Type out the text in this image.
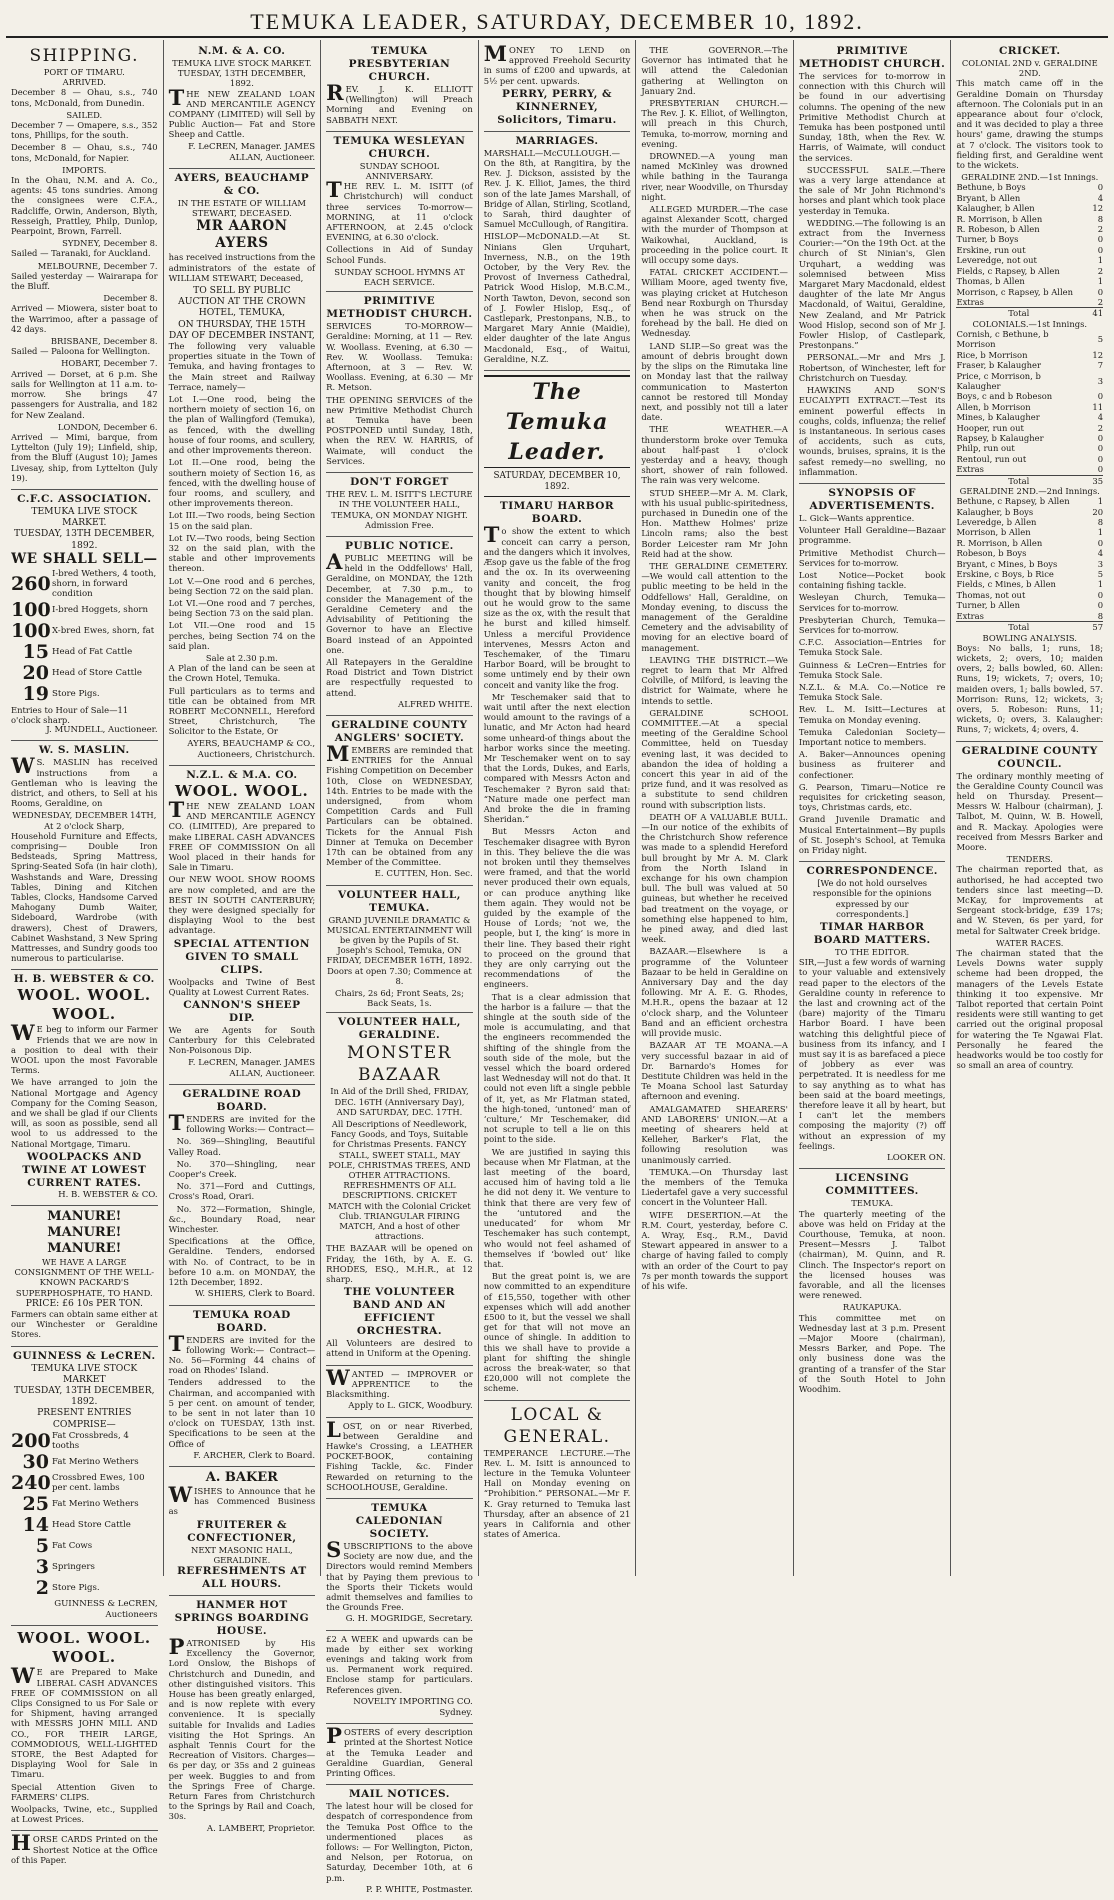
TEMUKA LEADER, SATURDAY, DECEMBER 10, 1892.
SHIPPING.
PORT OF TIMARU.
ARRIVED.

December 8 — Ohau, s.s., 740 tons, McDonald, from Dunedin.

SAILED.

December 7 — Omapere, s.s., 352 tons, Phillips, for the south.

December 8 — Ohau, s.s., 740 tons, McDonald, for Napier.

IMPORTS.

In the Ohau, N.M. and A. Co., agents: 45 tons sundries. Among the consignees were C.F.A., Radcliffe, Orwin, Anderson, Blyth, Resseigh, Prattley, Philp, Dunlop, Pearpoint, Brown, Farrell.

SYDNEY, December 8.

Sailed — Taranaki, for Auckland.

MELBOURNE, December 7.

Sailed yesterday — Wairarapa for the Bluff.

December 8.

Arrived — Miowera, sister boat to the Warrimoo, after a passage of 42 days.

BRISBANE, December 8.

Sailed — Paloona for Wellington.

HOBART, December 7.

Arrived — Dorset, at 6 p.m. She sails for Wellington at 11 a.m. to-morrow. She brings 47 passengers for Australia, and 182 for New Zealand.

LONDON, December 6.

Arrived — Mimi, barque, from Lyttelton (July 19); Linfield, ship, from the Bluff (August 10); James Livesay, ship, from Lyttelton (July 19).

C.F.C. ASSOCIATION.
TEMUKA LIVE STOCK MARKET.
TUESDAY, 13TH DECEMBER, 1892.
WE SHALL SELL—
260 I-bred Wethers, 4 tooth, shorn, in forward condition
100 I-bred Hoggets, shorn
100 X-bred Ewes, shorn, fat
15 Head of Fat Cattle
20 Head of Store Cattle
19 Store Pigs.
Entries to Hour of Sale—11 o'clock sharp.
J. MUNDELL, Auctioneer.
W. S. MASLIN.

WS. MASLIN has received instructions from a Gentleman who is leaving the district, and others, to Sell at his Rooms, Geraldine, on

WEDNESDAY, DECEMBER 14TH, At 2 o'clock Sharp,

Household Furniture and Effects, comprising— Double Iron Bedsteads, Spring Mattress, Spring-Seated Sofa (in hair cloth), Washstands and Ware, Dressing Tables, Dining and Kitchen Tables, Clocks, Handsome Carved Mahogany Dumb Waiter, Sideboard, Wardrobe (with drawers), Chest of Drawers, Cabinet Washstand, 3 New Spring Mattresses, and Sundry goods too numerous to particularise.

H. B. WEBSTER & CO.
WOOL. WOOL. WOOL.

WE beg to inform our Farmer Friends that we are now in a position to deal with their WOOL upon the most Favorable Terms.

We have arranged to join the National Mortgage and Agency Company for the Coming Season, and we shall be glad if our Clients will, as soon as possible, send all wool to us addressed to the National Mortgage, Timaru.

WOOLPACKS AND TWINE AT LOWEST CURRENT RATES.
H. B. WEBSTER & CO.
MANURE! MANURE! MANURE!
WE HAVE A LARGE CONSIGNMENT OF THE WELL-KNOWN PACKARD'S SUPERPHOSPHATE, TO HAND.
PRICE: £6 10s PER TON.

Farmers can obtain same either at our Winchester or Geraldine Stores.

GUINNESS & LeCREN.
TEMUKA LIVE STOCK MARKET
TUESDAY, 13TH DECEMBER, 1892.
PRESENT ENTRIES COMPRISE—
200 Fat Crossbreds, 4 tooths
30 Fat Merino Wethers
240 Crossbred Ewes, 100 per cent. lambs
25 Fat Merino Wethers
14 Head Store Cattle
5 Fat Cows
3 Springers
2 Store Pigs.
GUINNESS & LeCREN, Auctioneers
WOOL. WOOL. WOOL.

WE are Prepared to Make LIBERAL CASH ADVANCES FREE OF COMMISSION on all Clips Consigned to us For Sale or for Shipment, having arranged with MESSRS JOHN MILL AND CO., FOR THEIR LARGE, COMMODIOUS, WELL-LIGHTED STORE, the Best Adapted for Displaying Wool for Sale in Timaru.

Special Attention Given to FARMERS' CLIPS.

Woolpacks, Twine, etc., Supplied at Lowest Prices.

HORSE CARDS Printed on the Shortest Notice at the Office of this Paper.

N.M. & A. CO.
TEMUKA LIVE STOCK MARKET. TUESDAY, 13TH DECEMBER, 1892.

THE NEW ZEALAND LOAN AND MERCANTILE AGENCY COMPANY (LIMITED) will Sell by Public Auction— Fat and Store Sheep and Cattle.

F. LeCREN, Manager. JAMES ALLAN, Auctioneer.
AYERS, BEAUCHAMP & CO.
IN THE ESTATE OF WILLIAM STEWART, DECEASED.
MR AARON AYERS

has received instructions from the administrators of the estate of WILLIAM STEWART, Deceased,

TO SELL BY PUBLIC AUCTION AT THE CROWN HOTEL, TEMUKA,
ON THURSDAY, THE 15TH DAY OF DECEMBER INSTANT,

The following very valuable properties situate in the Town of Temuka, and having frontages to the Main street and Railway Terrace, namely—

Lot I.—One rood, being the northern moiety of section 16, on the plan of Wallingford (Temuka), as fenced, with the dwelling house of four rooms, and scullery, and other improvements thereon.

Lot II.—One rood, being the southern moiety of Section 16, as fenced, with the dwelling house of four rooms, and scullery, and other improvements thereon.

Lot III.—Two roods, being Section 15 on the said plan.

Lot IV.—Two roods, being Section 32 on the said plan, with the stable and other improvements thereon.

Lot V.—One rood and 6 perches, being Section 72 on the said plan.

Lot VI.—One rood and 7 perches, being Section 73 on the said plan.

Lot VII.—One rood and 15 perches, being Section 74 on the said plan.

Sale at 2.30 p.m.

A Plan of the land can be seen at the Crown Hotel, Temuka.

Full particulars as to terms and title can be obtained from MR ROBERT McCONNELL, Hereford Street, Christchurch, The Solicitor to the Estate, Or

AYERS, BEAUCHAMP & CO., Auctioneers, Christchurch.
N.Z.L. & M.A. CO.
WOOL. WOOL.

THE NEW ZEALAND LOAN AND MERCANTILE AGENCY CO. (LIMITED), Are prepared to make LIBERAL CASH ADVANCES FREE OF COMMISSION On all Wool placed in their hands for Sale in Timaru.

Our NEW WOOL SHOW ROOMS are now completed, and are the BEST IN SOUTH CANTERBURY; they were designed specially for displaying Wool to the best advantage.

SPECIAL ATTENTION GIVEN TO SMALL CLIPS.

Woolpacks and Twine of Best Quality at Lowest Current Rates.

CANNON'S SHEEP DIP.

We are Agents for South Canterbury for this Celebrated Non-Poisonous Dip.

F. LeCREN, Manager. JAMES ALLAN, Auctioneer.
GERALDINE ROAD BOARD.

TENDERS are invited for the following Works:— Contract—

No. 369—Shingling, Beautiful Valley Road.

No. 370—Shingling, near Cooper's Creek.

No. 371—Ford and Cuttings, Cross's Road, Orari.

No. 372—Formation, Shingle, &c., Boundary Road, near Winchester.

Specifications at the Office, Geraldine. Tenders, endorsed with No. of Contract, to be in before 10 a.m. on MONDAY, the 12th December, 1892.

W. SHIERS, Clerk to Board.
TEMUKA ROAD BOARD.

TENDERS are invited for the following Work:— Contract— No. 56—Forming 44 chains of road on Rhodes' Island.

Tenders addressed to the Chairman, and accompanied with 5 per cent. on amount of tender, to be sent in not later than 10 o'clock on TUESDAY, 13th inst. Specifications to be seen at the Office of

F. ARCHER, Clerk to Board.
A. BAKER

WISHES to Announce that he has Commenced Business as

FRUITERER & CONFECTIONER,
NEXT MASONIC HALL, GERALDINE.
REFRESHMENTS AT ALL HOURS.
HANMER HOT SPRINGS BOARDING HOUSE.

PATRONISED by His Excellency the Governor, Lord Onslow, the Bishops of Christchurch and Dunedin, and other distinguished visitors. This House has been greatly enlarged, and is now replete with every convenience. It is specially suitable for Invalids and Ladies visiting the Hot Springs. An asphalt Tennis Court for the Recreation of Visitors. Charges—6s per day, or 35s and 2 guineas per week. Buggies to and from the Springs Free of Charge. Return Fares from Christchurch to the Springs by Rail and Coach, 30s.

A. LAMBERT, Proprietor.
TEMUKA PRESBYTERIAN CHURCH.

REV. J. K. ELLIOTT (Wellington) will Preach Morning and Evening on SABBATH NEXT.

TEMUKA WESLEYAN CHURCH.
SUNDAY SCHOOL ANNIVERSARY.

THE REV. L. M. ISITT (of Christchurch) will conduct three services To-morrow— MORNING, at 11 o'clock AFTERNOON, at 2.45 o'clock EVENING, at 6.30 o'clock.

Collections in Aid of Sunday School Funds.

SUNDAY SCHOOL HYMNS AT EACH SERVICE.
PRIMITIVE METHODIST CHURCH.

SERVICES TO-MORROW— Geraldine: Morning, at 11 — Rev. W. Woollass. Evening, at 6.30 — Rev. W. Woollass. Temuka: Afternoon, at 3 — Rev. W. Woollass. Evening, at 6.30 — Mr R. Metson.

THE OPENING SERVICES of the new Primitive Methodist Church at Temuka have been POSTPONED until Sunday, 18th, when the REV. W. HARRIS, of Waimate, will conduct the Services.

DON'T FORGET

THE REV. L. M. ISITT'S LECTURE IN THE VOLUNTEER HALL, TEMUKA, ON MONDAY NIGHT. Admission Free.

PUBLIC NOTICE.

APUBLIC MEETING will be held in the Oddfellows' Hall, Geraldine, on MONDAY, the 12th December, at 7.30 p.m., to consider the Management of the Geraldine Cemetery and the Advisability of Petitioning the Governor to have an Elective Board instead of an Appointed one.

All Ratepayers in the Geraldine Road District and Town District are respectfully requested to attend.

ALFRED WHITE.
GERALDINE COUNTY ANGLERS' SOCIETY.

MEMBERS are reminded that ENTRIES for the Annual Fishing Competition on December 10th, Close on WEDNESDAY, 14th. Entries to be made with the undersigned, from whom Competition Cards and Full Particulars can be obtained. Tickets for the Annual Fish Dinner at Temuka on December 17th can be obtained from any Member of the Committee.

E. CUTTEN, Hon. Sec.
VOLUNTEER HALL, TEMUKA.

GRAND JUVENILE DRAMATIC & MUSICAL ENTERTAINMENT Will be given by the Pupils of St. Joseph's School, Temuka, ON FRIDAY, DECEMBER 16TH, 1892. Doors at open 7.30; Commence at 8.

Chairs, 2s 6d; Front Seats, 2s; Back Seats, 1s.
VOLUNTEER HALL, GERALDINE.
MONSTER BAZAAR

In Aid of the Drill Shed, FRIDAY, DEC. 16TH (Anniversary Day), AND SATURDAY, DEC. 17TH.

All Descriptions of Needlework, Fancy Goods, and Toys, Suitable for Christmas Presents. FANCY STALL, SWEET STALL, MAY POLE, CHRISTMAS TREES, AND OTHER ATTRACTIONS. REFRESHMENTS OF ALL DESCRIPTIONS. CRICKET MATCH with the Colonial Cricket Club. TRIANGULAR FIRING MATCH, And a host of other attractions.

THE BAZAAR will be opened on Friday, the 16th, by A. E. G. RHODES, ESQ., M.H.R., at 12 sharp.

THE VOLUNTEER BAND AND AN EFFICIENT ORCHESTRA.

All Volunteers are desired to attend in Uniform at the Opening.

WANTED — IMPROVER or APPRENTICE to the Blacksmithing.

Apply to L. GICK, Woodbury.

LOST, on or near Riverbed, between Geraldine and Hawke's Crossing, a LEATHER POCKET-BOOK, containing Fishing Tackle, &c. Finder Rewarded on returning to the SCHOOLHOUSE, Geraldine.

TEMUKA CALEDONIAN SOCIETY.

SUBSCRIPTIONS to the above Society are now due, and the Directors would remind Members that by Paying them previous to the Sports their Tickets would admit themselves and families to the Grounds Free.

G. H. MOGRIDGE, Secretary.

£2 A WEEK and upwards can be made by either sex working evenings and taking work from us. Permanent work required. Enclose stamp for particulars. References given.

NOVELTY IMPORTING CO. Sydney.

POSTERS of every description printed at the Shortest Notice at the Temuka Leader and Geraldine Guardian, General Printing Offices.

MAIL NOTICES.

The latest hour will be closed for despatch of correspondence from the Temuka Post Office to the undermentioned places as follows: — For Wellington, Picton, and Nelson, per Rotorua, on Saturday, December 10th, at 6 p.m.

P. P. WHITE, Postmaster.

MONEY TO LEND on approved Freehold Security in sums of £200 and upwards, at 5½ per cent. upwards.

PERRY, PERRY, & KINNERNEY, Solicitors, Timaru.
MARRIAGES.

MARSHALL—McCULLOUGH.—On the 8th, at Rangitira, by the Rev. J. Dickson, assisted by the Rev. J. K. Elliot, James, the third son of the late James Marshall, of Bridge of Allan, Stirling, Scotland, to Sarah, third daughter of Samuel McCullough, of Rangitira.

HISLOP—McDONALD.—At St. Ninians Glen Urquhart, Inverness, N.B., on the 19th October, by the Very Rev. the Provost of Inverness Cathedral, Patrick Wood Hislop, M.B.C.M., North Tawton, Devon, second son of J. Fowler Hislop, Esq., of Castlepark, Prestonpans, N.B., to Margaret Mary Annie (Maidie), elder daughter of the late Angus Macdonald, Esq., of Waitui, Geraldine, N.Z.

The Temuka Leader.
SATURDAY, DECEMBER 10, 1892.
TIMARU HARBOR BOARD.

To show the extent to which conceit can carry a person, and the dangers which it involves, Æsop gave us the fable of the frog and the ox. In its overweening vanity and conceit, the frog thought that by blowing himself out he would grow to the same size as the ox, with the result that he burst and killed himself. Unless a merciful Providence intervenes, Messrs Acton and Teschemaker, of the Timaru Harbor Board, will be brought to some untimely end by their own conceit and vanity like the frog.

Mr Teschemaker said that to wait until after the next election would amount to the ravings of a lunatic, and Mr Acton had heard some unheard-of things about the harbor works since the meeting. Mr Teschemaker went on to say that the Lords, Dukes, and Earls, compared with Messrs Acton and Teschemaker ? Byron said that: “Nature made one perfect man And broke the die in framing Sheridan.”

But Messrs Acton and Teschemaker disagree with Byron in this. They believe the die was not broken until they themselves were framed, and that the world never produced their own equals, or can produce anything like them again. They would not be guided by the example of the House of Lords; ‘not we, the people, but I, the king’ is more in their line. They based their right to proceed on the ground that they are only carrying out the recommendations of the engineers.

That is a clear admission that the harbor is a failure — that the shingle at the south side of the mole is accumulating, and that the engineers recommended the shifting of the shingle from the south side of the mole, but the vessel which the board ordered last Wednesday will not do that. It could not even lift a single pebble of it, yet, as Mr Flatman stated, the high-toned, ‘untoned’ man of ‘culture,’ Mr Teschemaker, did not scruple to tell a lie on this point to the side.

We are justified in saying this because when Mr Flatman, at the last meeting of the board, accused him of having told a lie he did not deny it. We venture to think that there are very few of the ‘untutored and the uneducated’ for whom Mr Teschemaker has such contempt, who would not feel ashamed of themselves if ‘bowled out’ like that.

But the great point is, we are now committed to an expenditure of £15,550, together with other expenses which will add another £500 to it, but the vessel we shall get for that will not move an ounce of shingle. In addition to this we shall have to provide a plant for shifting the shingle across the break-water, so that £20,000 will not complete the scheme.

LOCAL & GENERAL.

TEMPERANCE LECTURE.—The Rev. L. M. Isitt is announced to lecture in the Temuka Volunteer Hall on Monday evening on “Prohibition.” PERSONAL.—Mr F. K. Gray returned to Temuka last Thursday, after an absence of 21 years in California and other states of America.

THE GOVERNOR.—The Governor has intimated that he will attend the Caledonian gathering at Wellington on January 2nd.

PRESBYTERIAN CHURCH.—The Rev. J. K. Elliot, of Wellington, will preach in this Church, Temuka, to-morrow, morning and evening.

DROWNED.—A young man named McKinley was drowned while bathing in the Tauranga river, near Woodville, on Thursday night.

ALLEGED MURDER.—The case against Alexander Scott, charged with the murder of Thompson at Waikowhai, Auckland, is proceeding in the police court. It will occupy some days.

FATAL CRICKET ACCIDENT.—William Moore, aged twenty five, was playing cricket at Hutcheson Bend near Roxburgh on Thursday when he was struck on the forehead by the ball. He died on Wednesday.

LAND SLIP.—So great was the amount of debris brought down by the slips on the Rimutaka line on Monday last that the railway communication to Masterton cannot be restored till Monday next, and possibly not till a later date.

THE WEATHER.—A thunderstorm broke over Temuka about half-past 1 o'clock yesterday and a heavy, though short, shower of rain followed. The rain was very welcome.

STUD SHEEP.—Mr A. M. Clark, with his usual public-spiritedness, purchased in Dunedin one of the Hon. Matthew Holmes' prize Lincoln rams; also the best Border Leicester ram Mr John Reid had at the show.

THE GERALDINE CEMETERY.—We would call attention to the public meeting to be held in the Oddfellows' Hall, Geraldine, on Monday evening, to discuss the management of the Geraldine Cemetery and the advisability of moving for an elective board of management.

LEAVING THE DISTRICT.—We regret to learn that Mr Alfred Colville, of Milford, is leaving the district for Waimate, where he intends to settle.

GERALDINE SCHOOL COMMITTEE.—At a special meeting of the Geraldine School Committee, held on Tuesday evening last, it was decided to abandon the idea of holding a concert this year in aid of the prize fund, and it was resolved as a substitute to send children round with subscription lists.

DEATH OF A VALUABLE BULL.—In our notice of the exhibits of the Christchurch Show reference was made to a splendid Hereford bull brought by Mr A. M. Clark from the North Island in exchange for his own champion bull. The bull was valued at 50 guineas, but whether he received bad treatment on the voyage, or something else happened to him, he pined away, and died last week.

BAZAAR.—Elsewhere is a programme of the Volunteer Bazaar to be held in Geraldine on Anniversary Day and the day following. Mr A. E. G. Rhodes, M.H.R., opens the bazaar at 12 o'clock sharp, and the Volunteer Band and an efficient orchestra will provide music.

BAZAAR AT TE MOANA.—A very successful bazaar in aid of Dr. Barnardo's Homes for Destitute Children was held in the Te Moana School last Saturday afternoon and evening.

AMALGAMATED SHEARERS' AND LABORERS' UNION.—At a meeting of shearers held at Kelleher, Barker's Flat, the following resolution was unanimously carried.

TEMUKA.—On Thursday last the members of the Temuka Liedertafel gave a very successful concert in the Volunteer Hall.

WIFE DESERTION.—At the R.M. Court, yesterday, before C. A. Wray, Esq., R.M., David Stewart appeared in answer to a charge of having failed to comply with an order of the Court to pay 7s per month towards the support of his wife.

PRIMITIVE METHODIST CHURCH.

The services for to-morrow in connection with this Church will be found in our advertising columns. The opening of the new Primitive Methodist Church at Temuka has been postponed until Sunday, 18th, when the Rev. W. Harris, of Waimate, will conduct the services.

SUCCESSFUL SALE.—There was a very large attendance at the sale of Mr John Richmond's horses and plant which took place yesterday in Temuka.

WEDDING.—The following is an extract from the Inverness Courier:—“On the 19th Oct. at the church of St Ninian's, Glen Urquhart, a wedding was solemnised between Miss Margaret Mary Macdonald, eldest daughter of the late Mr Angus Macdonald, of Waitui, Geraldine, New Zealand, and Mr Patrick Wood Hislop, second son of Mr J. Fowler Hislop, of Castlepark, Prestonpans.”

PERSONAL.—Mr and Mrs J. Robertson, of Winchester, left for Christchurch on Tuesday.

HAWKINS AND SON'S EUCALYPTI EXTRACT.—Test its eminent powerful effects in coughs, colds, influenza; the relief is instantaneous. In serious cases of accidents, such as cuts, wounds, bruises, sprains, it is the safest remedy—no swelling, no inflammation.

SYNOPSIS OF ADVERTISEMENTS.

L. Gick—Wants apprentice.

Volunteer Hall Geraldine—Bazaar programme.

Primitive Methodist Church—Services for to-morrow.

Lost Notice—Pocket book containing fishing tackle.

Wesleyan Church, Temuka—Services for to-morrow.

Presbyterian Church, Temuka—Services for to-morrow.

C.F.C. Association—Entries for Temuka Stock Sale.

Guinness & LeCren—Entries for Temuka Stock Sale.

N.Z.L. & M.A. Co.—Notice re Temuka Stock Sale.

Rev. L. M. Isitt—Lectures at Temuka on Monday evening.

Temuka Caledonian Society—Important notice to members.

A. Baker—Announces opening business as fruiterer and confectioner.

G. Pearson, Timaru—Notice re requisites for cricketing season, toys, Christmas cards, etc.

Grand Juvenile Dramatic and Musical Entertainment—By pupils of St. Joseph's School, at Temuka on Friday night.

CORRESPONDENCE.

[We do not hold ourselves responsible for the opinions expressed by our correspondents.]

TIMAR HARBOR BOARD MATTERS.
TO THE EDITOR.

SIR,—Just a few words of warning to your valuable and extensively read paper to the electors of the Geraldine county in reference to the last and crowning act of the (bare) majority of the Timaru Harbor Board. I have been watching this delightful piece of business from its infancy, and I must say it is as barefaced a piece of jobbery as ever was perpetrated. It is needless for me to say anything as to what has been said at the board meetings, therefore leave it all by heart, but I can't let the members composing the majority (?) off without an expression of my feelings.

LOOKER ON.
LICENSING COMMITTEES.
TEMUKA.

The quarterly meeting of the above was held on Friday at the Courthouse, Temuka, at noon. Present—Messrs J. Talbot (chairman), M. Quinn, and R. Clinch. The Inspector's report on the licensed houses was favorable, and all the licenses were renewed.

RAUKAPUKA.

This committee met on Wednesday last at 3 p.m. Present—Major Moore (chairman), Messrs Barker, and Pope. The only business done was the granting of a transfer of the Star of the South Hotel to John Woodhim.

CRICKET.
COLONIAL 2ND v. GERALDINE 2ND.

This match came off in the Geraldine Domain on Thursday afternoon. The Colonials put in an appearance about four o'clock, and it was decided to play a three hours' game, drawing the stumps at 7 o'clock. The visitors took to fielding first, and Geraldine went to the wickets.

GERALDINE 2ND.—1st Innings.
Bethune, b Boys	0
Bryant, b Allen	4
Kalaugher, b Allen	12
R. Morrison, b Allen	8
R. Robeson, b Allen	2
Turner, b Boys	0
Erskine, run out	0
Leveredge, not out	1
Fields, c Rapsey, b Allen	2
Thomas, b Allen	1
Morrison, c Rapsey, b Allen	0
Extras	2
Total	41
COLONIALS.—1st Innings.
Cornish, c Bethune, b Morrison	5
Rice, b Morrison	12
Fraser, b Kalaugher	7
Price, c Morrison, b Kalaugher	3
Boys, c and b Robeson	0
Allen, b Morrison	11
Mines, b Kalaugher	4
Hooper, run out	2
Rapsey, b Kalaugher	0
Philp, run out	0
Rentoul, run out	0
Extras	0
Total	35
GERALDINE 2ND.—2nd Innings.
Bethune, c Rapsey, b Allen	1
Kalaugher, b Boys	20
Leveredge, b Allen	8
Morrison, b Allen	1
R. Morrison, b Allen	0
Robeson, b Boys	4
Bryant, c Mines, b Boys	3
Erskine, c Boys, b Rice	5
Fields, c Mines, b Allen	1
Thomas, not out	0
Turner, b Allen	0
Extras	8
Total	57
BOWLING ANALYSIS.

Boys: No balls, 1; runs, 18; wickets, 2; overs, 10; maiden overs, 2; balls bowled, 60. Allen: Runs, 19; wickets, 7; overs, 10; maiden overs, 1; balls bowled, 57. Morrison: Runs, 12; wickets, 3; overs, 5. Robeson: Runs, 11; wickets, 0; overs, 3. Kalaugher: Runs, 7; wickets, 4; overs, 4.

GERALDINE COUNTY COUNCIL.

The ordinary monthly meeting of the Geraldine County Council was held on Thursday. Present—Messrs W. Halbour (chairman), J. Talbot, M. Quinn, W. B. Howell, and R. Mackay. Apologies were received from Messrs Barker and Moore.

TENDERS.

The chairman reported that, as authorised, he had accepted two tenders since last meeting—D. McKay, for improvements at Sergeant stock-bridge, £39 17s; and W. Steven, 6s per yard, for metal for Saltwater Creek bridge.

WATER RACES.

The chairman stated that the Levels Downs water supply scheme had been dropped, the managers of the Levels Estate thinking it too expensive. Mr Talbot reported that certain Point residents were still wanting to get carried out the original proposal for watering the Te Ngawai Flat. Personally he feared the headworks would be too costly for so small an area of country.
